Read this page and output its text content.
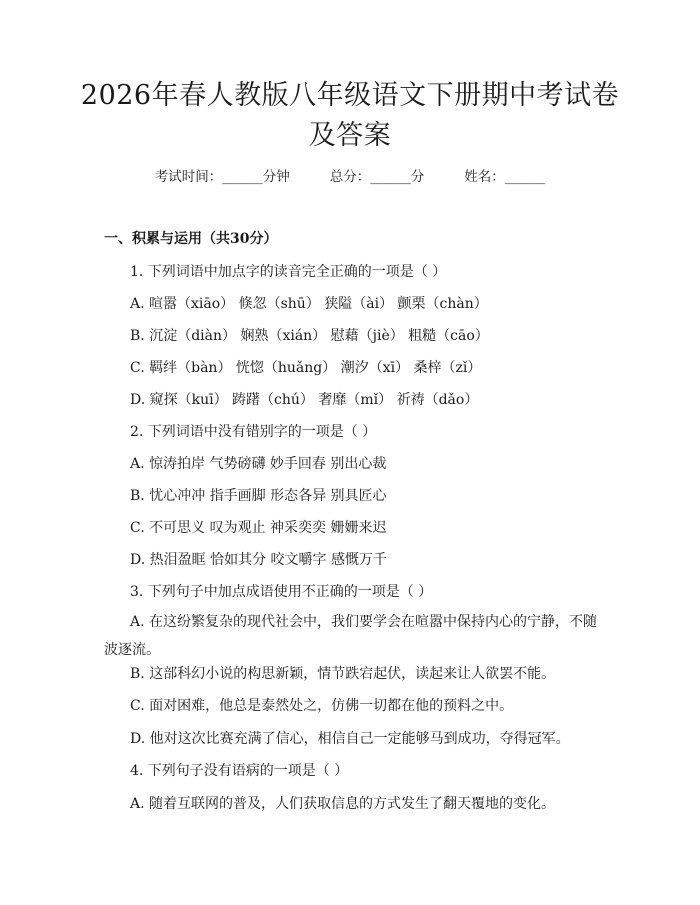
2026年春人教版八年级语文下册期中考试卷
及答案
考试时间：______分钟	总分：______分	姓名：______
一、积累与运用（共30分）
1. 下列词语中加点字的读音完全正确的一项是（ ）
A. 喧嚣（xiāo） 倏忽（shū） 狭隘（ài） 颤栗（chàn）
B. 沉淀（diàn） 娴熟（xián） 慰藉（jiè） 粗糙（cāo）
C. 羁绊（bàn） 恍惚（huǎng） 潮汐（xī） 桑梓（zǐ）
D. 窥探（kuī） 踌躇（chú） 奢靡（mǐ） 祈祷（dǎo）
2. 下列词语中没有错别字的一项是（ ）
A. 惊涛拍岸 气势磅礴 妙手回春 别出心裁
B. 忧心冲冲 指手画脚 形态各异 别具匠心
C. 不可思义 叹为观止 神采奕奕 姗姗来迟
D. 热泪盈眶 恰如其分 咬文嚼字 感慨万千
3. 下列句子中加点成语使用不正确的一项是（ ）
A. 在这纷繁复杂的现代社会中，我们要学会在喧嚣中保持内心的宁静，不随波逐流。
B. 这部科幻小说的构思新颖，情节跌宕起伏，读起来让人欲罢不能。
C. 面对困难，他总是泰然处之，仿佛一切都在他的预料之中。
D. 他对这次比赛充满了信心，相信自己一定能够马到成功，夺得冠军。
4. 下列句子没有语病的一项是（ ）
A. 随着互联网的普及，人们获取信息的方式发生了翻天覆地的变化。
